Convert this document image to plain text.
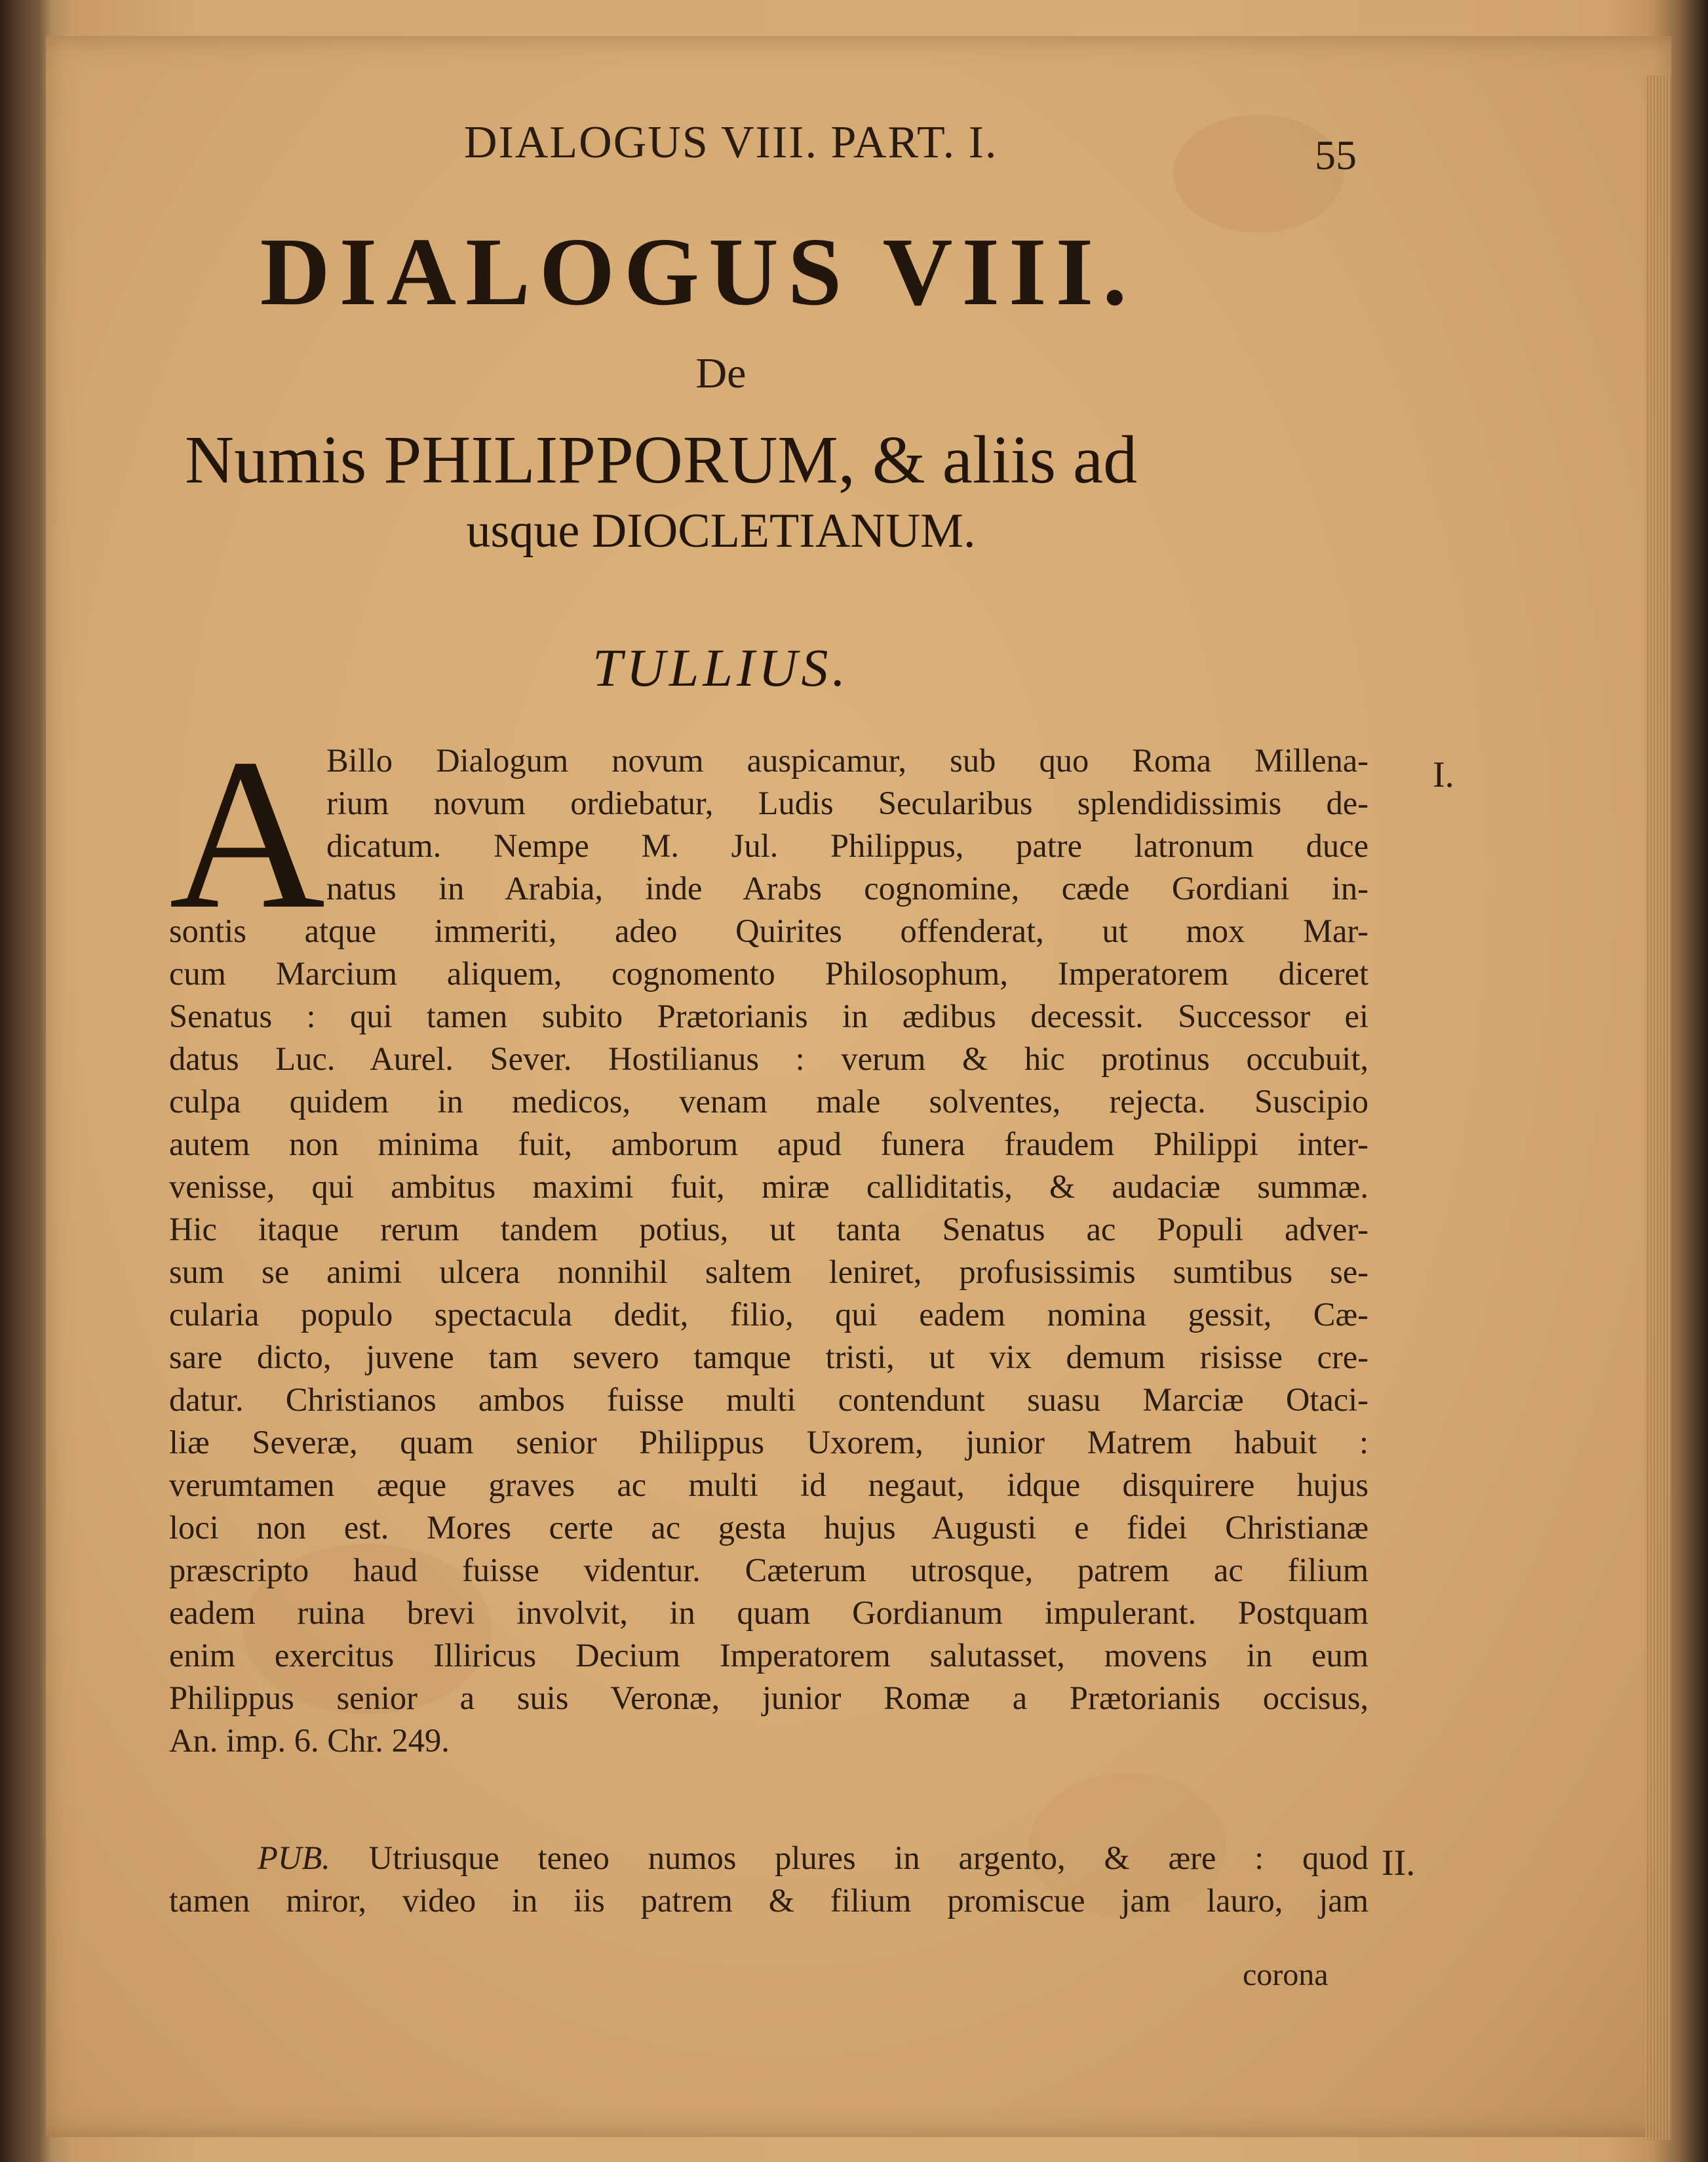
DIALOGUS VIII. PART. I.	55
DIALOGUS VIII.
De
Numis PHILIPPORUM, & aliis ad
usque DIOCLETIANUM.
TULLIUS.
A	I.
Billo Dialogum novum auspicamur, sub quo Roma Millena-
rium novum ordiebatur, Ludis Secularibus splendidissimis de-
dicatum. Nempe M. Jul. Philippus, patre latronum duce
natus in Arabia, inde Arabs cognomine, cæde Gordiani in-
sontis atque immeriti, adeo Quirites offenderat, ut mox Mar-
cum Marcium aliquem, cognomento Philosophum, Imperatorem diceret
Senatus : qui tamen subito Prætorianis in ædibus decessit. Successor ei
datus Luc. Aurel. Sever. Hostilianus : verum & hic protinus occubuit,
culpa quidem in medicos, venam male solventes, rejecta. Suscipio
autem non minima fuit, amborum apud funera fraudem Philippi inter-
venisse, qui ambitus maximi fuit, miræ calliditatis, & audaciæ summæ.
Hic itaque rerum tandem potius, ut tanta Senatus ac Populi adver-
sum se animi ulcera nonnihil saltem leniret, profusissimis sumtibus se-
cularia populo spectacula dedit, filio, qui eadem nomina gessit, Cæ-
sare dicto, juvene tam severo tamque tristi, ut vix demum risisse cre-
datur. Christianos ambos fuisse multi contendunt suasu Marciæ Otaci-
liæ Severæ, quam senior Philippus Uxorem, junior Matrem habuit :
verumtamen æque graves ac multi id negaut, idque disquirere hujus
loci non est. Mores certe ac gesta hujus Augusti e fidei Christianæ
præscripto haud fuisse videntur. Cæterum utrosque, patrem ac filium
eadem ruina brevi involvit, in quam Gordianum impulerant. Postquam
enim exercitus Illiricus Decium Imperatorem salutasset, movens in eum
Philippus senior a suis Veronæ, junior Romæ a Prætorianis occisus,
An. imp. 6. Chr. 249.
II.
PUB. Utriusque teneo numos plures in argento, & ære : quod
tamen miror, video in iis patrem & filium promiscue jam lauro, jam
corona
